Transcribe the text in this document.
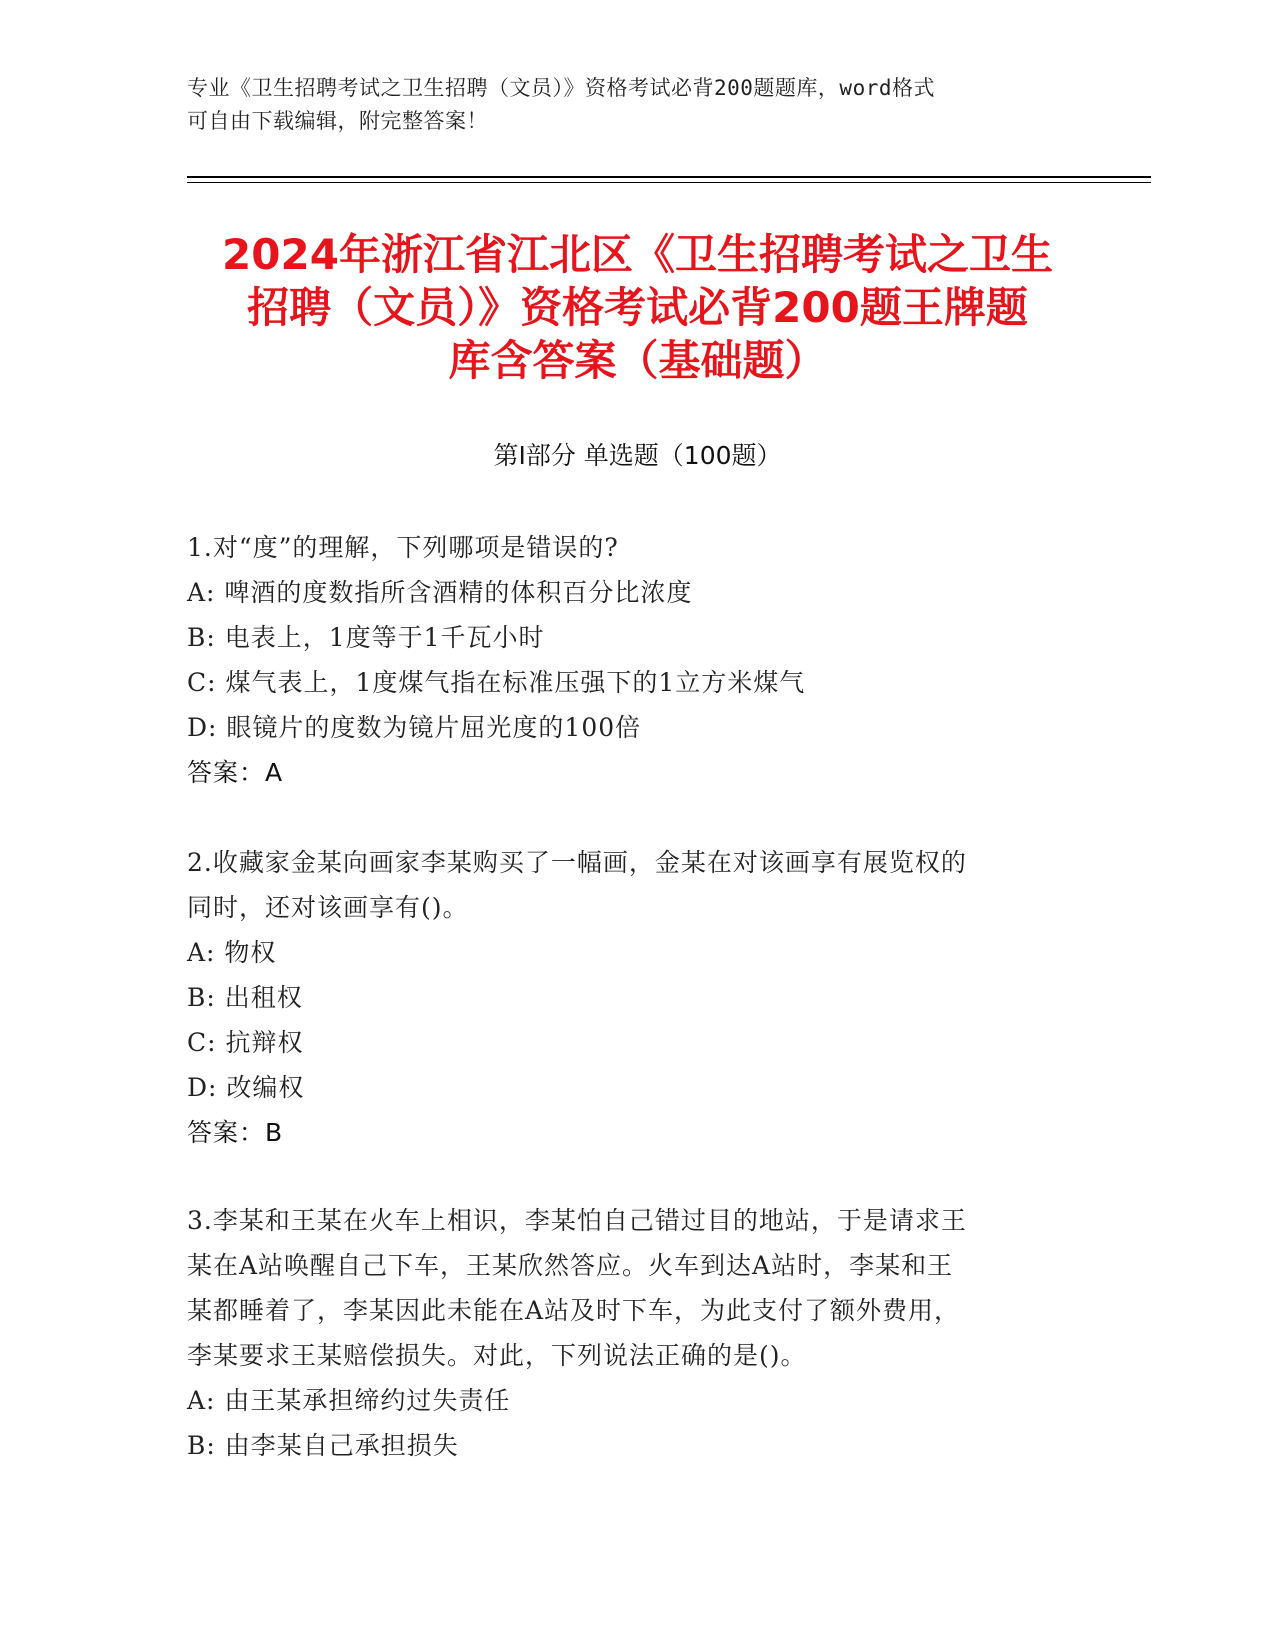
专业《卫生招聘考试之卫生招聘（文员）》资格考试必背200题题库，word格式
可自由下载编辑，附完整答案！
2024年浙江省江北区《卫生招聘考试之卫生
招聘（文员）》资格考试必背200题王牌题
库含答案（基础题）
第Ⅰ部分 单选题（100题）
1.对“度”的理解，下列哪项是错误的?
A: 啤酒的度数指所含酒精的体积百分比浓度
B: 电表上，1度等于1千瓦小时
C: 煤气表上，1度煤气指在标准压强下的1立方米煤气
D: 眼镜片的度数为镜片屈光度的100倍
答案：A
2.收藏家金某向画家李某购买了一幅画，金某在对该画享有展览权的
同时，还对该画享有()。
A: 物权
B: 出租权
C: 抗辩权
D: 改编权
答案：B
3.李某和王某在火车上相识，李某怕自己错过目的地站，于是请求王
某在A站唤醒自己下车，王某欣然答应。火车到达A站时，李某和王
某都睡着了，李某因此未能在A站及时下车，为此支付了额外费用，
李某要求王某赔偿损失。对此，下列说法正确的是()。
A: 由王某承担缔约过失责任
B: 由李某自己承担损失
